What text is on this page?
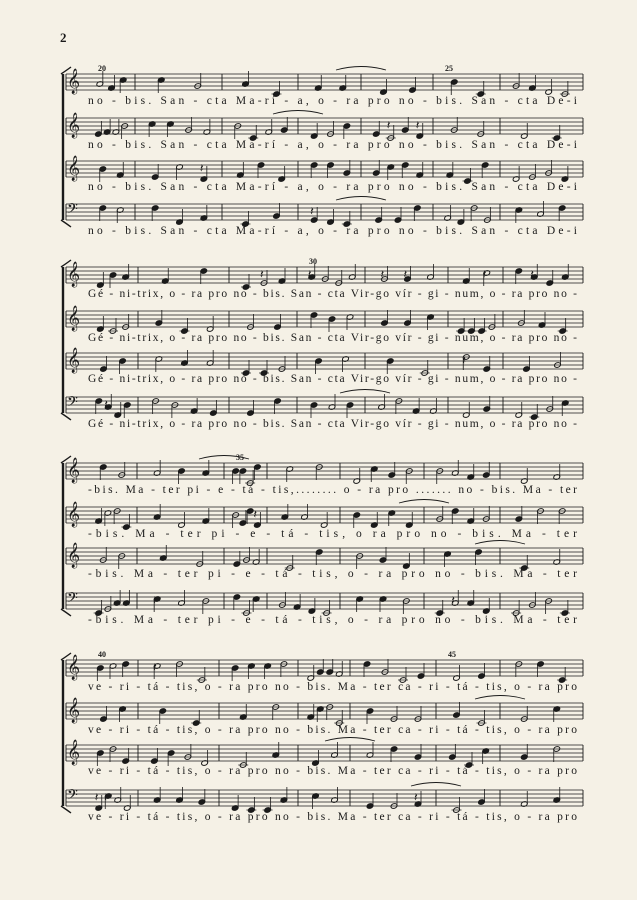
2
𝄞
no - bis. San - cta Ma-rí - a, o - ra pro no - bis. San - cta De-i
𝄞	𝄽 𝄽
no - bis. San - cta Ma-rí - a, o - ra pro no - bis. San - cta De-i
𝄞	𝄽
no - bis. San - cta Ma-rí - a, o - ra pro no - bis. San - cta De-i
𝄢	𝄽
no - bis. San - cta Ma-rí - a, o - ra pro no - bis. San - cta De-i
20	25
𝄞	𝄽	𝄽	𝄽 𝄽	𝄽	𝄽
Gé - ni-trix, o - ra pro no - bis. San - cta Vir-go vír - gi - num, o - ra pro no -
𝄞
Gé - ni-trix, o - ra pro no - bis. San - cta Vir-go vír - gi - num, o - ra pro no -
𝄞	𝄽
Gé - ni-trix, o - ra pro no - bis. San - cta Vir-go vír - gi - num, o - ra pro no -
𝄢 𝄽
Gé - ni-trix, o - ra pro no - bis. San - cta Vir-go vír - gi - num, o - ra pro no -
30
𝄞
-bis. Ma - ter pi - e - tá - tis,........ o - ra pro ....... no - bis. Ma - ter
𝄞	𝄽
-bis. Ma - ter pi - e - tá - tis, o ra pro no - bis. Ma - ter
𝄞
-bis. Ma - ter pi - e - tá - tis, o - ra pro no - bis. Ma - ter
𝄢	𝄽	𝄽
-bis. Ma - ter pi - e - tá - tis, o - ra pro no - bis. Ma - ter
35
𝄞	𝄽
ve - ri - tá - tis, o - ra pro no - bis. Ma - ter ca - ri - tá - tis, o - ra pro
𝄞
ve - ri - tá - tis, o - ra pro no - bis. Ma - ter ca - ri - tá - tis, o - ra pro
𝄞
ve - ri - tá - tis, o - ra pro no - bis. Ma - ter ca - ri - tá - tis, o - ra pro
𝄢 𝄽 𝄽	𝄽
ve - ri - tá - tis, o - ra pro no - bis. Ma - ter ca - ri - tá - tis, o - ra pro
40	45
